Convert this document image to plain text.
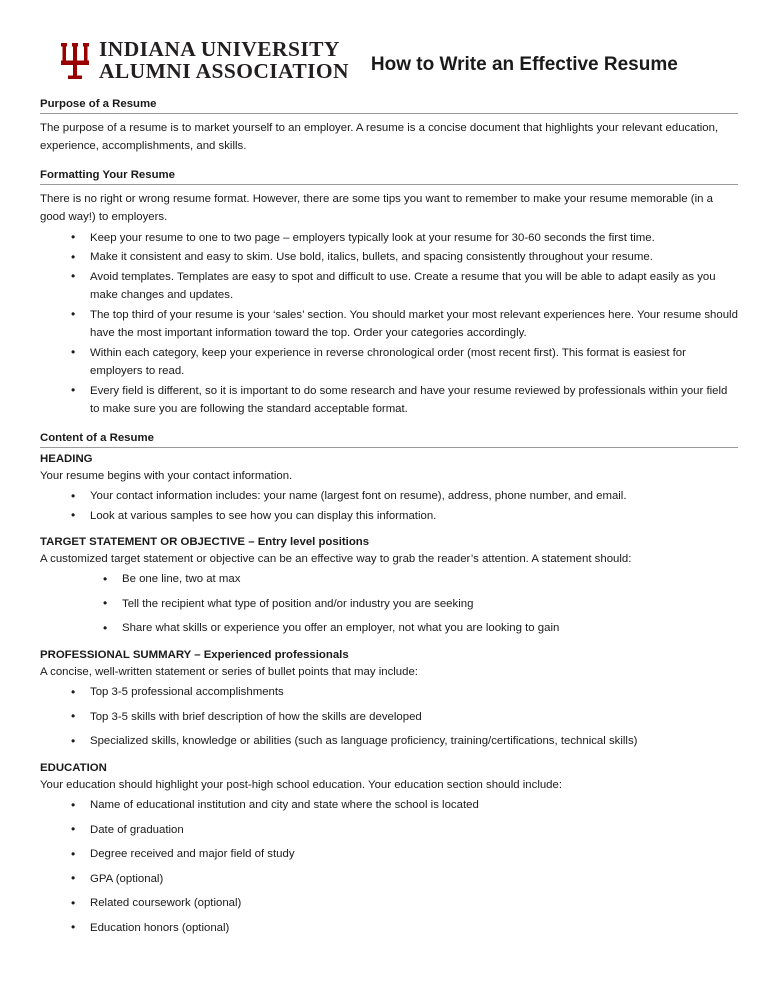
INDIANA UNIVERSITY
ALUMNI ASSOCIATION How to Write an Effective Resume
Purpose of a Resume

The purpose of a resume is to market yourself to an employer. A resume is a concise document that highlights your relevant education, experience, accomplishments, and skills.

Formatting Your Resume

There is no right or wrong resume format. However, there are some tips you want to remember to make your resume memorable (in a good way!) to employers.

• Keep your resume to one to two page – employers typically look at your resume for 30-60 seconds the first time.
• Make it consistent and easy to skim. Use bold, italics, bullets, and spacing consistently throughout your resume.
• Avoid templates. Templates are easy to spot and difficult to use. Create a resume that you will be able to adapt easily as you make changes and updates.
• The top third of your resume is your ‘sales’ section. You should market your most relevant experiences here. Your resume should have the most important information toward the top. Order your categories accordingly.
• Within each category, keep your experience in reverse chronological order (most recent first). This format is easiest for employers to read.
• Every field is different, so it is important to do some research and have your resume reviewed by professionals within your field to make sure you are following the standard acceptable format.
Content of a Resume
HEADING

Your resume begins with your contact information.

• Your contact information includes: your name (largest font on resume), address, phone number, and email.
• Look at various samples to see how you can display this information.
TARGET STATEMENT OR OBJECTIVE – Entry level positions

A customized target statement or objective can be an effective way to grab the reader’s attention. A statement should:

• Be one line, two at max
• Tell the recipient what type of position and/or industry you are seeking
• Share what skills or experience you offer an employer, not what you are looking to gain
PROFESSIONAL SUMMARY – Experienced professionals

A concise, well-written statement or series of bullet points that may include:

• Top 3-5 professional accomplishments
• Top 3-5 skills with brief description of how the skills are developed
• Specialized skills, knowledge or abilities (such as language proficiency, training/certifications, technical skills)
EDUCATION

Your education should highlight your post-high school education. Your education section should include:

• Name of educational institution and city and state where the school is located
• Date of graduation
• Degree received and major field of study
• GPA (optional)
• Related coursework (optional)
• Education honors (optional)
